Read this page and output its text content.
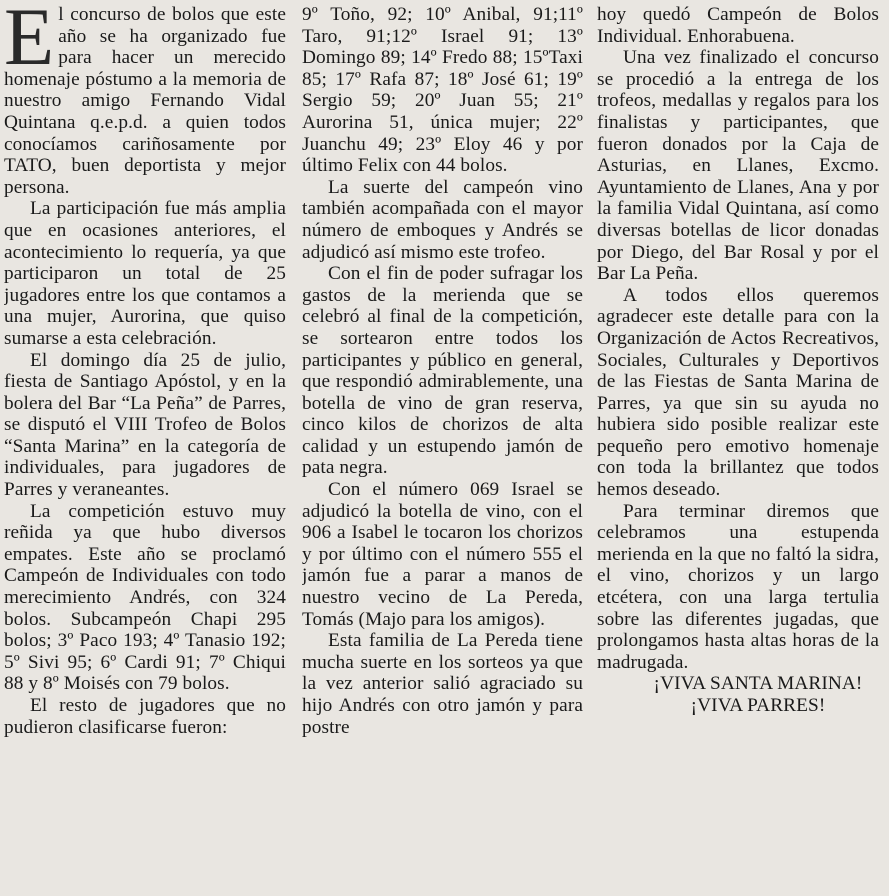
El concurso de bolos que este año se ha organizado fue para hacer un merecido homenaje póstumo a la memoria de nuestro amigo Fernando Vidal Quintana q.e.p.d. a quien todos conocíamos cariñosamente por TATO, buen deportista y mejor persona.

La participación fue más amplia que en ocasiones anteriores, el acontecimiento lo requería, ya que participaron un total de 25 jugadores entre los que contamos a una mujer, Aurorina, que quiso sumarse a esta celebración.

El domingo día 25 de julio, fiesta de Santiago Apóstol, y en la bolera del Bar “La Peña” de Parres, se disputó el VIII Trofeo de Bolos “Santa Marina” en la categoría de individuales, para jugadores de Parres y veraneantes.

La competición estuvo muy reñida ya que hubo diversos empates. Este año se proclamó Campeón de Individuales con todo merecimiento Andrés, con 324 bolos. Subcampeón Chapi 295 bolos; 3º Paco 193; 4º Tanasio 192; 5º Sivi 95; 6º Cardi 91; 7º Chiqui 88 y 8º Moisés con 79 bolos.

El resto de jugadores que no pudieron clasificarse fueron:

9º Toño, 92; 10º Anibal, 91;11º Taro, 91;12º Israel 91; 13º Domingo 89; 14º Fredo 88; 15ºTaxi 85; 17º Rafa 87; 18º José 61; 19º Sergio 59; 20º Juan 55; 21º Aurorina 51, única mujer; 22º Juanchu 49; 23º Eloy 46 y por último Felix con 44 bolos.

La suerte del campeón vino también acompañada con el mayor número de emboques y Andrés se adjudicó así mismo este trofeo.

Con el fin de poder sufragar los gastos de la merienda que se celebró al final de la competición, se sortearon entre todos los participantes y público en general, que respondió admirablemente, una botella de vino de gran reserva, cinco kilos de chorizos de alta calidad y un estupendo jamón de pata negra.

Con el número 069 Israel se adjudicó la botella de vino, con el 906 a Isabel le tocaron los chorizos y por último con el número 555 el jamón fue a parar a manos de nuestro vecino de La Pereda, Tomás (Majo para los amigos).

Esta familia de La Pereda tiene mucha suerte en los sorteos ya que la vez anterior salió agraciado su hijo Andrés con otro jamón y para postre

hoy quedó Campeón de Bolos Individual. Enhorabuena.

Una vez finalizado el concurso se procedió a la entrega de los trofeos, medallas y regalos para los finalistas y participantes, que fueron donados por la Caja de Asturias, en Llanes, Excmo. Ayuntamiento de Llanes, Ana y por la familia Vidal Quintana, así como diversas botellas de licor donadas por Diego, del Bar Rosal y por el Bar La Peña.

A todos ellos queremos agradecer este detalle para con la Organización de Actos Recreativos, Sociales, Culturales y Deportivos de las Fiestas de Santa Marina de Parres, ya que sin su ayuda no hubiera sido posible realizar este pequeño pero emotivo homenaje con toda la brillantez que todos hemos deseado.

Para terminar diremos que celebramos una estupenda merienda en la que no faltó la sidra, el vino, chorizos y un largo etcétera, con una larga tertulia sobre las diferentes jugadas, que prolongamos hasta altas horas de la madrugada.

¡VIVA SANTA MARINA!

¡VIVA PARRES!
